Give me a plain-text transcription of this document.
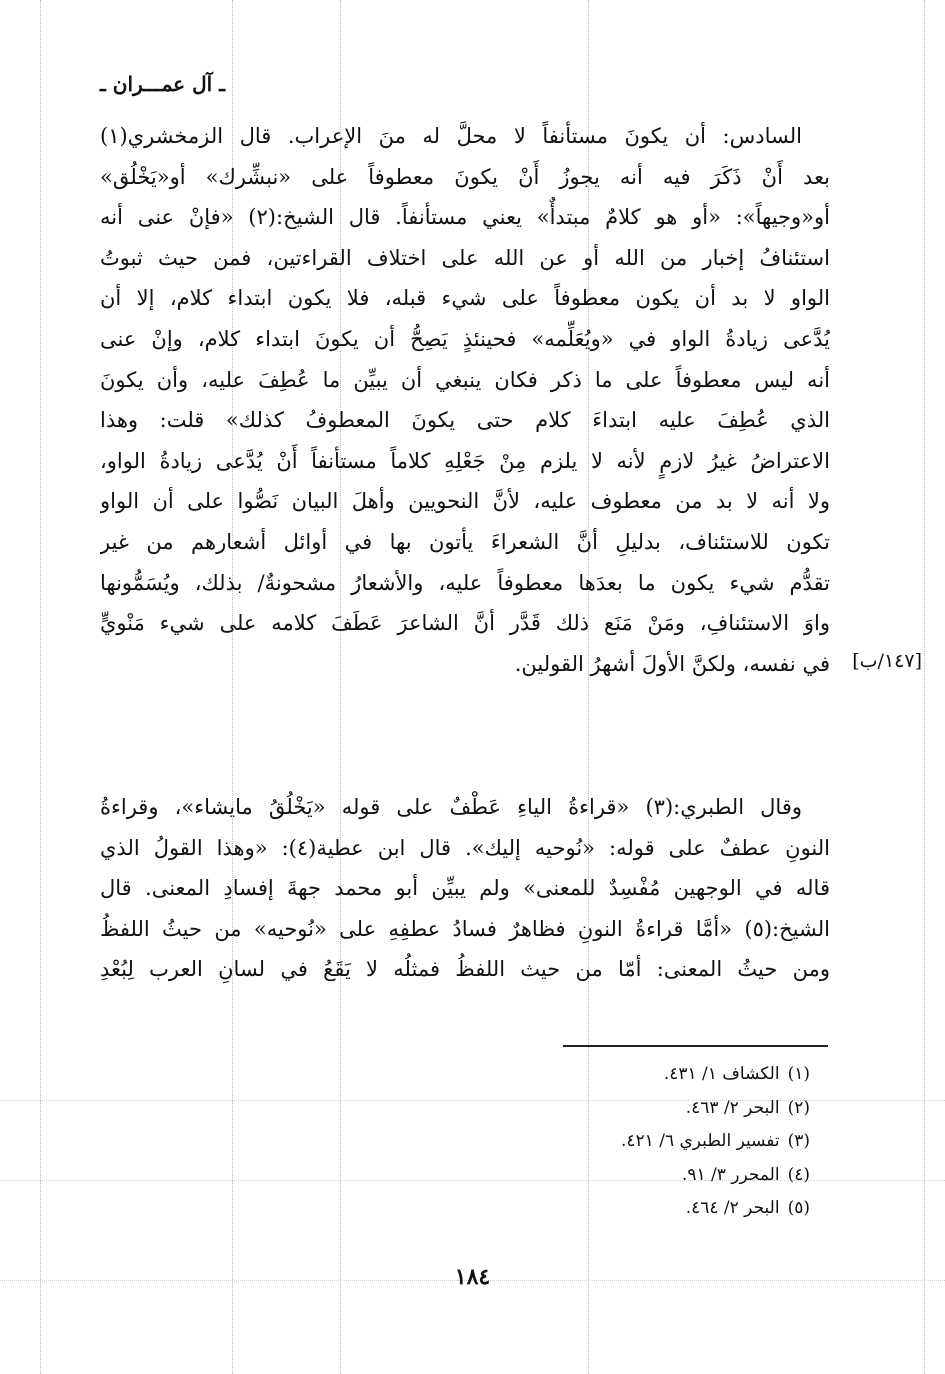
ـ آل عمـــران ـ
السادس: أن يكونَ مستأنفاً لا محلَّ له منَ الإعراب. قال الزمخشري(١)
بعد أَنْ ذَكَرَ فيه أنه يجوزُ أَنْ يكونَ معطوفاً على «نبشِّرك» أو«يَخْلُق»
أو«وجيهاً»: «أو هو كلامٌ مبتدأٌ» يعني مستأنفاً. قال الشيخ:(٢) «فإنْ عنى أنه
استئنافُ إخبار من الله أو عن الله على اختلاف القراءتين، فمن حيث ثبوتُ
الواو لا بد أن يكون معطوفاً على شيء قبله، فلا يكون ابتداء كلام، إلا أن
يُدَّعى زيادةُ الواو في «ويُعَلِّمه» فحينئذٍ يَصِحُّ أن يكونَ ابتداء كلام، وإنْ عنى
أنه ليس معطوفاً على ما ذكر فكان ينبغي أن يبيِّن ما عُطِفَ عليه، وأن يكونَ
الذي عُطِفَ عليه ابتداءَ كلام حتى يكونَ المعطوفُ كذلك» قلت: وهذا
الاعتراضُ غيرُ لازمٍ لأنه لا يلزم مِنْ جَعْلِهِ كلاماً مستأنفاً أَنْ يُدَّعى زيادةُ الواو،
ولا أنه لا بد من معطوف عليه، لأنَّ النحويين وأهلَ البيان نَصُّوا على أن الواو
تكون للاستئناف، بدليلِ أنَّ الشعراءَ يأتون بها في أوائل أشعارهم من غير
تقدُّم شيء يكون ما بعدَها معطوفاً عليه، والأشعارُ مشحونةٌ/ بذلك، ويُسَمُّونها
واوَ الاستئنافِ، ومَنْ مَنَع ذلك قَدَّر أنَّ الشاعرَ عَطَفَ كلامه على شيء مَنْويٍّ
في نفسه، ولكنَّ الأولَ أشهرُ القولين.	[١٤٧/ب]
وقال الطبري:(٣) «قراءةُ الياءِ عَطْفٌ على قوله «يَخْلُقُ مايشاء»، وقراءةُ
النونِ عطفٌ على قوله: «نُوحيه إليك». قال ابن عطية(٤): «وهذا القولُ الذي
قاله في الوجهين مُفْسِدٌ للمعنى» ولم يبيِّن أبو محمد جهةَ إفسادِ المعنى. قال
الشيخ:(٥) «أمَّا قراءةُ النونِ فظاهرٌ فسادُ عطفِهِ على «نُوحيه» من حيثُ اللفظُ
ومن حيثُ المعنى: أمّا من حيث اللفظُ فمثلُه لا يَقَعُ في لسانِ العرب لِبُعْدِ
(١)الكشاف ١/ ٤٣١.
(٢)البحر ٢/ ٤٦٣.
(٣)تفسير الطبري ٦/ ٤٢١.
(٤)المحرر ٣/ ٩١.
(٥)البحر ٢/ ٤٦٤.
١٨٤
